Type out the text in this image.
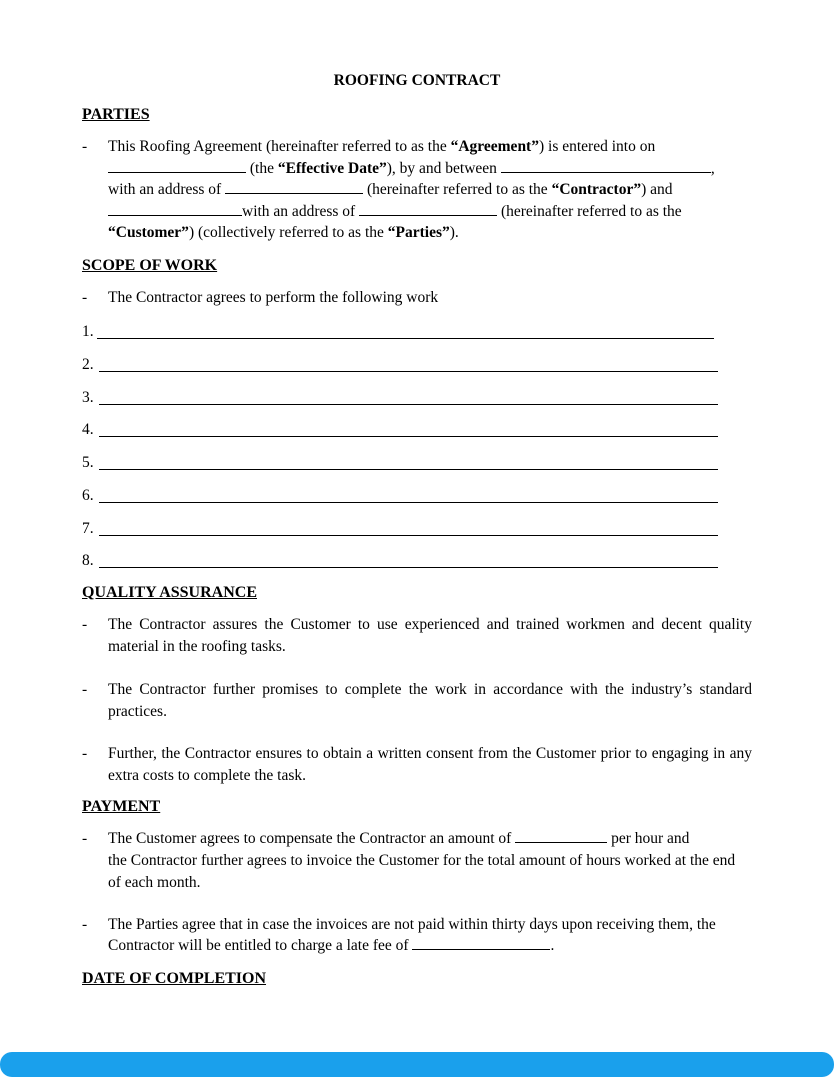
ROOFING CONTRACT
PARTIES
- This Roofing Agreement (hereinafter referred to as the “Agreement”) is entered into on
(the “Effective Date”), by and between	,
with an address of	(hereinafter referred to as the “Contractor”) and
with an address of	(hereinafter referred to as the
“Customer”) (collectively referred to as the “Parties”).
SCOPE OF WORK
- The Contractor agrees to perform the following work
1.
2.
3.
4.
5.
6.
7.
8.
QUALITY ASSURANCE
- The Contractor assures the Customer to use experienced and trained workmen and decent quality material in the roofing tasks.
- The Contractor further promises to complete the work in accordance with the industry’s standard practices.
- Further, the Contractor ensures to obtain a written consent from the Customer prior to engaging in any extra costs to complete the task.
PAYMENT
- The Customer agrees to compensate the Contractor an amount of	per hour and
the Contractor further agrees to invoice the Customer for the total amount of hours worked at the end of each month.
- The Parties agree that in case the invoices are not paid within thirty days upon receiving them, the Contractor will be entitled to charge a late fee of	.
DATE OF COMPLETION
